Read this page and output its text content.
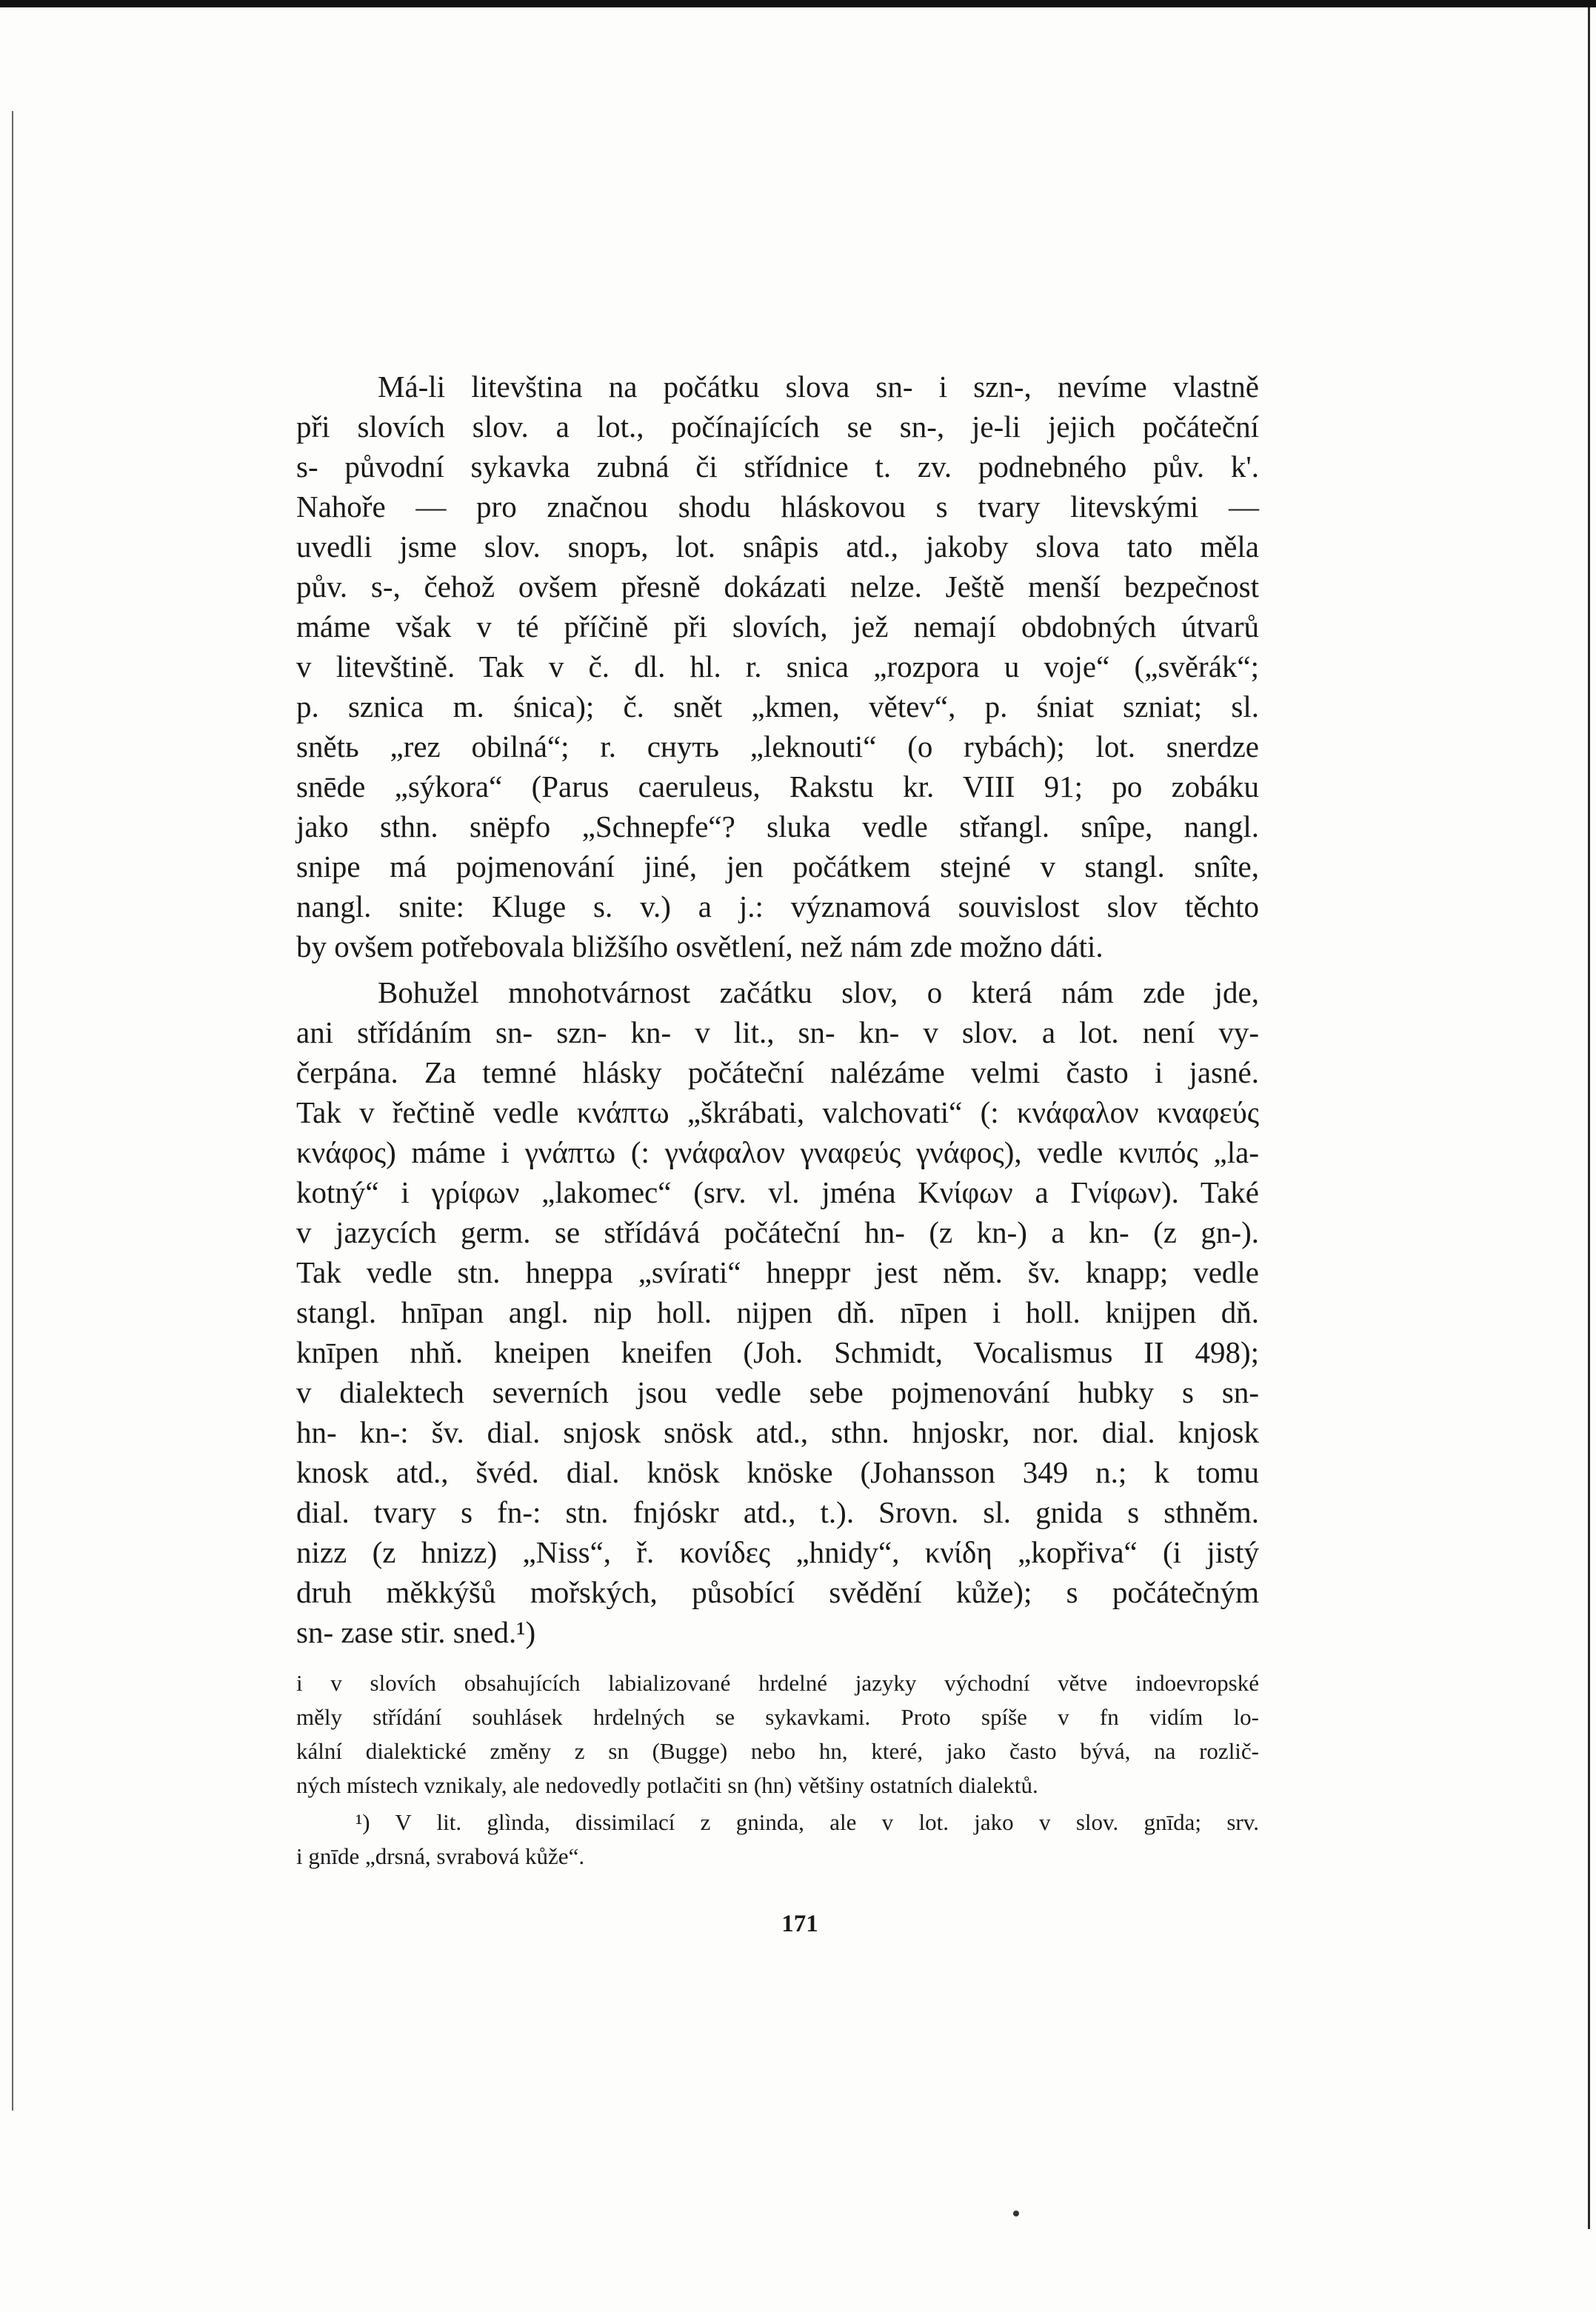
Má-li litevština na počátku slova sn- i szn-, nevíme vlastně
při slovích slov. a lot., počínajících se sn-, je-li jejich počáteční
s- původní sykavka zubná či střídnice t. zv. podnebného pův. k'.
Nahoře — pro značnou shodu hláskovou s tvary litevskými —
uvedli jsme slov. snopъ, lot. snâpis atd., jakoby slova tato měla
pův. s-, čehož ovšem přesně dokázati nelze. Ještě menší bezpečnost
máme však v té příčině při slovích, jež nemají obdobných útvarů
v litevštině. Tak v č. dl. hl. r. snica „rozpora u voje“ („svěrák“;
p. sznica m. śnica); č. snět „kmen, větev“, p. śniat szniat; sl.
snětь „rez obilná“; r. снуть „leknouti“ (o rybách); lot. snerdze
snēde „sýkora“ (Parus caeruleus, Rakstu kr. VIII 91; po zobáku
jako sthn. snëpfo „Schnepfe“? sluka vedle střangl. snîpe, nangl.
snipe má pojmenování jiné, jen počátkem stejné v stangl. snîte,
nangl. snite: Kluge s. v.) a j.: významová souvislost slov těchto
by ovšem potřebovala bližšího osvětlení, než nám zde možno dáti.

Bohužel mnohotvárnost začátku slov, o která nám zde jde,
ani střídáním sn- szn- kn- v lit., sn- kn- v slov. a lot. není vy-
čerpána. Za temné hlásky počáteční nalézáme velmi často i jasné.
Tak v řečtině vedle κνάπτω „škrábati, valchovati“ (: κνάφαλον κναφεύς
κνάφος) máme i γνάπτω (: γνάφαλον γναφεύς γνάφος), vedle κνιπός „la-
kotný“ i γρίφων „lakomec“ (srv. vl. jména Κνίφων a Γνίφων). Také
v jazycích germ. se střídává počáteční hn- (z kn-) a kn- (z gn-).
Tak vedle stn. hneppa „svírati“ hneppr jest něm. šv. knapp; vedle
stangl. hnīpan angl. nip holl. nijpen dň. nīpen i holl. knijpen dň.
knīpen nhň. kneipen kneifen (Joh. Schmidt, Vocalismus II 498);
v dialektech severních jsou vedle sebe pojmenování hubky s sn-
hn- kn-: šv. dial. snjosk snösk atd., sthn. hnjoskr, nor. dial. knjosk
knosk atd., švéd. dial. knösk knöske (Johansson 349 n.; k tomu
dial. tvary s fn-: stn. fnjóskr atd., t.). Srovn. sl. gnida s sthněm.
nizz (z hnizz) „Niss“, ř. κονίδες „hnidy“, κνίδη „kopřiva“ (i jistý
druh měkkýšů mořských, působící svědění kůže); s počátečným
sn- zase stir. sned.¹)

i v slovích obsahujících labializované hrdelné jazyky východní větve indoevropské
měly střídání souhlásek hrdelných se sykavkami. Proto spíše v fn vidím lo-
kální dialektické změny z sn (Bugge) nebo hn, které, jako často bývá, na rozlič-
ných místech vznikaly, ale nedovedly potlačiti sn (hn) většiny ostatních dialektů.

¹) V lit. glìnda, dissimilací z gninda, ale v lot. jako v slov. gnīda; srv.
i gnīde „drsná, svrabová kůže“.

171
